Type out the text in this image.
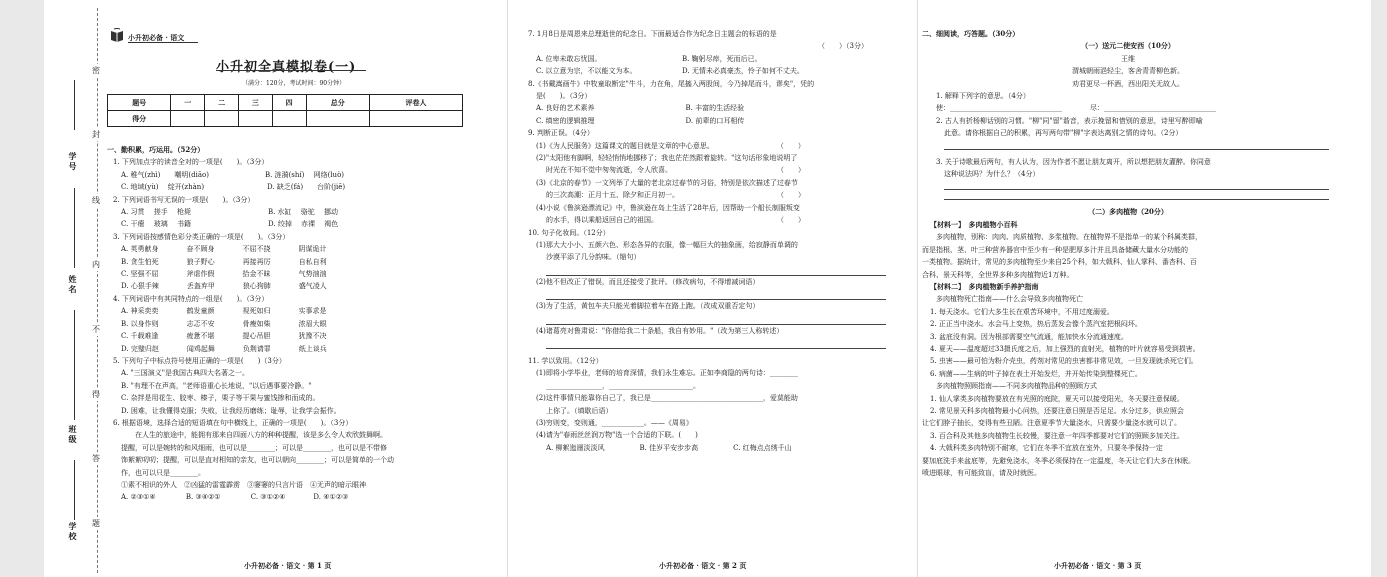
密
封
线
内
不
得
答
题
学号
姓名
班级
学校
小升初必备 · 语文
小升初全真模拟卷(一)
（满分：120分，考试时间：90分钟）
题号	一	二	三	四	总分	评卷人
得分						
一、勤积累，巧运用。（52分）
1. 下列加点字的读音全对的一项是(　　)。（3分）
A. 稚气(zhì)　　嘲明(diāo)　　　　　　　　B. 涟漪(shí)　 网络(luò)
C. 地域(yù)　 绽开(zhàn)　　　　　　　　　D. 缺乏(fá)　　台阶(jiē)
2. 下列词语书写无误的一项是(　　)。（3分）
A. 习贯　 搓手　 枪毙　　　　　　　　　　　B. 水缸　 骆驼　 挪动
C. 干瘪　 玻璃　 书籍　　　　　　　　　　　D. 绞掉　 赤裸　 褐色
3. 下列词语按感情色彩分类正确的一项是(　　)。（3分）
A. 英勇献身　　　　奋不顾身　　　　不屈不挠　　　　阴谋诡计
B. 贪生怕死　　　　狼子野心　　　　再接再厉　　　　自私自利
C. 坚强不屈　　　　斧虐作假　　　　拾金不昧　　　　气势汹汹
D. 心狠手辣　　　　丢盔弃甲　　　　狼心狗肺　　　　盛气凌人
4. 下列词语中有其同特点的一组是(　　)。（3分）
A. 神采奕奕　　　　鹤发童颜　　　　视死如归　　　　实事求是
B. 以身作则　　　　志忑不安　　　　骨瘦如柴　　　　浓眉大眼
C. 千载难逢　　　　疲惫不堪　　　　提心吊胆　　　　犹豫不决
D. 完璧归赵　　　　闻鸡起舞　　　　负荆请罪　　　　纸上谈兵
5. 下列句子中标点符号使用正确的一项是(　　)（3分）
A. "三国演义"是我国古典四大名著之一。
B. "有理不在声高，"老师语重心长地说，"以后遇事要冷静。"
C. 杂拌是用花生、胶枣、榛子，栗子等干果与蜜饯掺和而成的。
D. 困难，让我懂得克服；失败，让我经历磨练；耻辱，让我学会振作。
6. 根据语境，选择合适的短语填在句中横线上，正确的一项是(　　)。（3分）
　　在人生的旅途中，能拥有那来自四面八方的种种提醒，该是多么令人欢欣鼓舞啊。
提醒，可以是婉转的和风细雨，也可以是________；可以是________，也可以是不带修
饰絮絮叨叨；提醒，可以是直对相知的亲友，也可以朝向________；可以是简单的一个动
作，也可以只是________。
①素不相识的外人　②凶猛的雷霆霹雳　③窭窭的只言片语　④无声的暗示眼神
A. ②③①④　　　　 B. ③④②①　　　　 C. ③①②④　　　　D. ④①②③
小升初必备 · 语文 · 第 1 页
7. 1月8日是周恩来总理逝世的纪念日。下面最适合作为纪念日主题会的标语的是
（　　）（3分）
A. 位卑未敢忘忧国。　　　　　　　　　　　　B. 鞠躬尽瘁，死而后已。
C. 以立意为宗，不以能文为本。　　　　　　　D. 无情未必真豪杰，怜子如何不丈夫。
8.《书戴嵩画牛》中牧童取断定"牛斗，力在角，尾搐入两股间，今乃掉尾而斗，谬矣"，凭的
是(　　)。（3分）
A. 良好的艺术素养　　　　　　　　　　　　　B. 丰富的生活经验
C. 缜密的逻辑推理　　　　　　　　　　　　　D. 前辈的口耳相传
9. 判断正误。（4分）
(1)《为人民服务》这篇课文的题目就是文章的中心意思。　　　　　　　　　　（　　）
(2)"太阳他有脚啊，轻轻悄悄地挪移了；我也茫茫然跟着旋转。"这句话形象地说明了
时光在不知不觉中匆匆流逝，令人欣喜。　　　　　　　　　　　　　　　　（　　）
(3)《北京的春节》一文列举了大量的老北京过春节的习俗，特别是依次描述了过春节
的三次高潮：正月十五、除夕和正月初一。　　　　　　　　　　　　　　　（　　）
(4)小说《鲁滨逊漂流记》中，鲁滨逊在岛上生活了28年后，因帮助一个船长制服叛变
的水手，得以乘船返回自己的祖国。　　　　　　　　　　　　　　　　　　（　　）
10. 句子化妆间。（12分）
(1)那大大小小、五颜六色、形态各异的衣服，像一幅巨大的抽象画，给寂静而单调的
沙漠平添了几分韵味。（缩句）
(2)他不但改正了错误，而且还接受了批评。（修改病句，不得增减词语）
(3)为了生活，黄包车夫只能光着脚拉着车在路上跑。（改成双重否定句）
(4)诸葛亮对鲁肃说："你借给我二十条船，我自有妙用。"（改为第三人称转述）
11. 学以致用。（12分）
(1)即将小学毕业，老师的培育深情，我们永生难忘。正如李商隐的两句诗：________
________________，________________________。
(2)这件事情只能靠你自己了，我已是________________________________，爱莫能助
上你了。（填歇后语）
(3)穷则变，变则通，____________。——《周易》
(4)请为"春雨丝丝润万物"选一个合适的下联。(　　)
A. 柳絮迤逦淡淡风　　　　　B. 佳岁平安步步高　　　　　C. 红梅点点绣千山
小升初必备 · 语文 · 第 2 页
二、细阅读，巧答题。（30分）
（一）送元二使安西（10分）
王维
渭城朝雨浥轻尘，客舍青青柳色新。
劝君更尽一杯酒，西出阳关无故人。
1. 解释下列字的意思。（4分）
使：________________________________　　　　尽：________________________________
2. 古人有折杨柳话别的习惯。"柳"同"留"谐音，表示挽留和惜别的意思，诗里写醉即喻
此意。请你根据自己的积累，再写两句带"柳"字表达离别之情的诗句。（2分）
3. 关于诗歌最后两句，有人认为，因为作者不愿让朋友离开，所以想把朋友灌醉。你同意
这种说法吗？为什么？（4分）
（二）多肉植物（20分）
【材料一】　多肉植物小百科
　　多肉植物，别称：肉肉、肉质植物、多浆植物。在植物界不是指单一的某个科属类群，
而是指根、茎、叶三种营养器官中至少有一种是肥厚多汁并且具备储藏大量水分功能的
一类植物。据统计，常见的多肉植物至少来自25个科，如大戟科、仙人掌科、番杏科、百
合科、景天科等，全世界多种多肉植物近1万种。
【材料二】　多肉植物新手养护指南
　　多肉植物死亡指南——什么会导致多肉植物死亡
1. 每天浇水。它们大多生长在艰苦环境中，不用过度溺爱。
2. 正正当中浇水。水会马上变热，热后蒸发会像个蒸汽室把根闷坏。
3. 盆底没有洞。因为根部需要空气流通，能加快水分流通速度。
4. 夏天——温度超过33摄氏度之后，加上强烈的直射光，植物的叶片就容易受到损害。
5. 虫害——最可怕为粉介壳虫，药剂对常见的虫害都非常见效，一旦发现就杀死它们。
6. 病菌——生病的叶子掉在表土开始发烂，并开始传染到整棵死亡。
　　多肉植物照顾指南——不同多肉植物品种的照顾方式
1. 仙人掌类多肉植物要放在有光照的庭院，夏天可以接受阳光，冬天要注意保暖。
2. 常见景天科多肉植物最小心问热，还要注意日照是否足足。水分过多，供应照会
让它们脖子抽长，变得有些丑陋。注意夏季节大量浇水，只需要少量浇水就可以了。
3. 百合科及其他多肉植物生长较慢，要注意一年四季都要对它们的照顾多加关注。
4. 大戟科类多肉特别不耐寒，它们在冬季不宜放在室外，只要冬季保持一定
要加底洗手来盆底等，先避免浇水，冬季必须保持在一定温度，冬天让它们大多在休眠。
喷进眼球，有可能致盲，请及时就医。
小升初必备 · 语文 · 第 3 页
